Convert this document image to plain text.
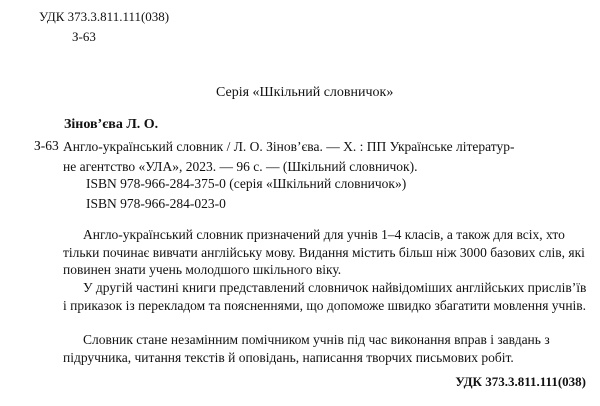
УДК 373.3.811.111(038)
З-63
Серія «Шкільний словничок»
Зінов’єва Л. О.
З-63 Англо-український словник / Л. О. Зінов’єва. — Х. : ПП Українське літератур-
не агентство «УЛА», 2023. — 96 с. — (Шкільний словничок).
ISBN 978-966-284-375-0 (серія «Шкільний словничок»)
ISBN 978-966-284-023-0
Англо-український словник призначений для учнів 1–4 класів, а також для всіх, хто тільки починає вивчати англійську мову. Видання містить більш ніж 3000 базових слів, які повинен знати учень молодшого шкільного віку.
У другій частині книги представлений словничок найвідоміших англійських прислів’їв і приказок із перекладом та поясненнями, що допоможе швидко збагатити мовлення учнів.
Словник стане незамінним помічником учнів під час виконання вправ і завдань з підручника, читання текстів й оповідань, написання творчих письмових робіт.
УДК 373.3.811.111(038)
